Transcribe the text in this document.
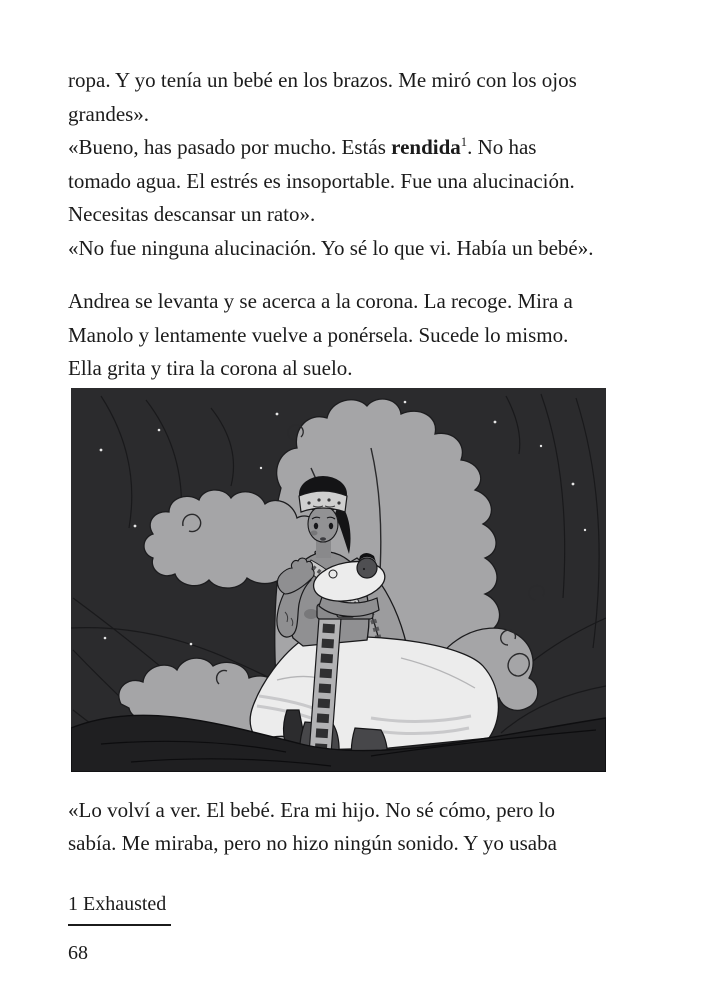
ropa. Y yo tenía un bebé en los brazos. Me miró con los ojos
grandes».
«Bueno, has pasado por mucho. Estás rendida$^1$. No has
tomado agua. El estrés es insoportable. Fue una alucinación.
Necesitas descansar un rato».
«No fue ninguna alucinación. Yo sé lo que vi. Había un bebé».
Andrea se levanta y se acerca a la corona. La recoge. Mira a
Manolo y lentamente vuelve a ponérsela. Sucede lo mismo.
Ella grita y tira la corona al suelo.
«Lo volví a ver. El bebé. Era mi hijo. No sé cómo, pero lo
sabía. Me miraba, pero no hizo ningún sonido. Y yo usaba
1 Exhausted
68
